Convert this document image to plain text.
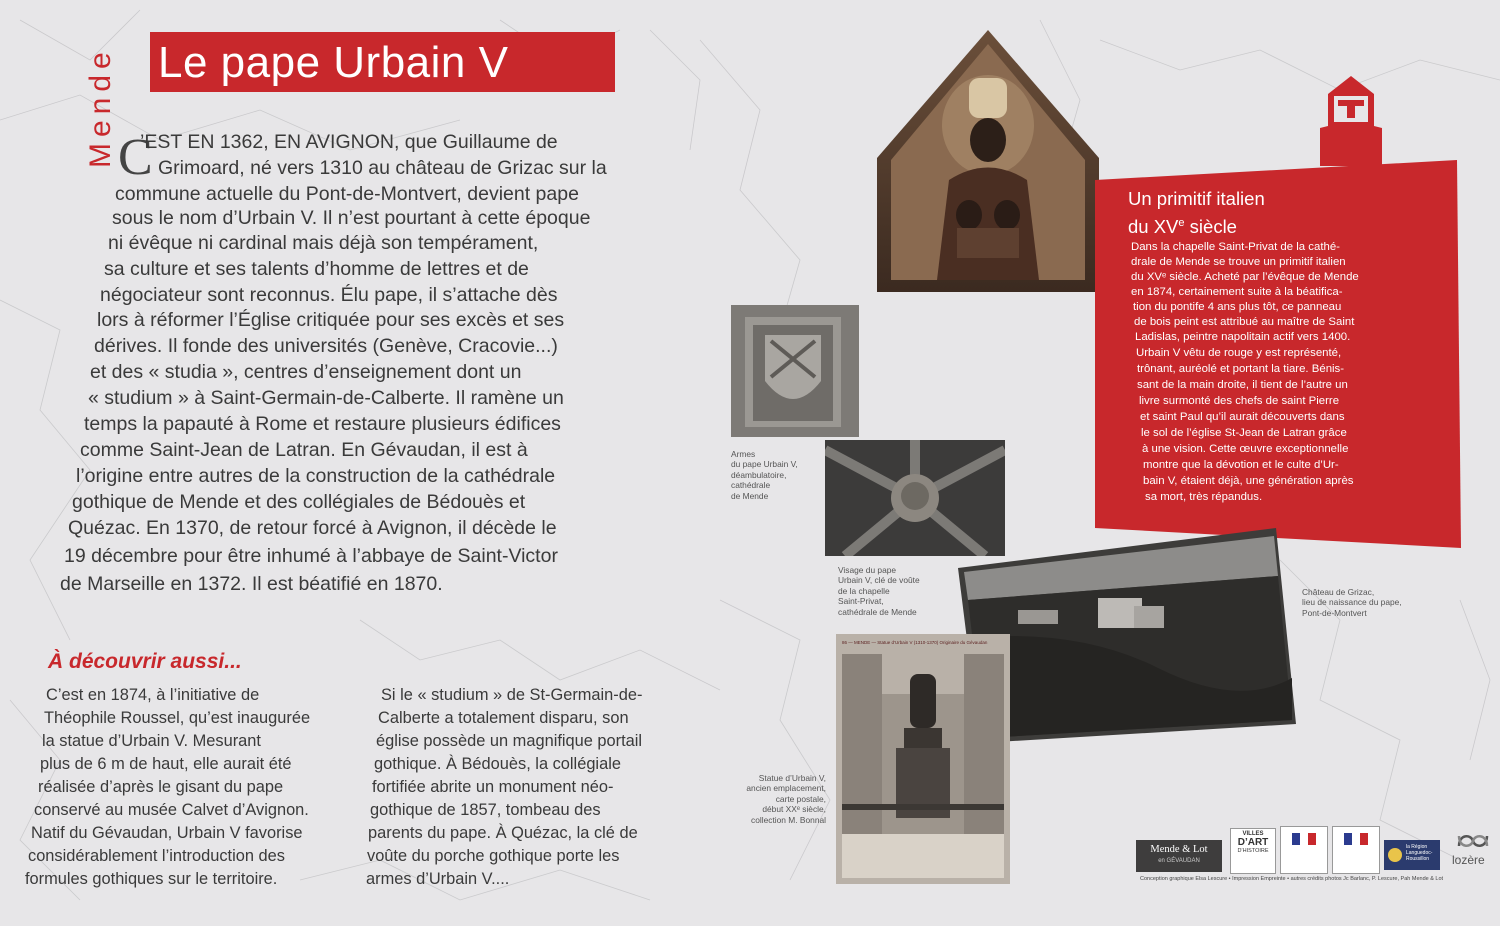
Mende Le pape Urbain V
C

’EST EN 1362, EN AVIGNON, que Guillaume de

Grimoard, né vers 1310 au château de Grizac sur la

commune actuelle du Pont-de-Montvert, devient pape

sous le nom d’Urbain V. Il n’est pourtant à cette époque

ni évêque ni cardinal mais déjà son tempérament,

sa culture et ses talents d’homme de lettres et de

négociateur sont reconnus. Élu pape, il s’attache dès

lors à réformer l’Église critiquée pour ses excès et ses

dérives. Il fonde des universités (Genève, Cracovie...)

et des « studia », centres d’enseignement dont un

« studium » à Saint-Germain-de-Calberte. Il ramène un

temps la papauté à Rome et restaure plusieurs édifices

comme Saint-Jean de Latran. En Gévaudan, il est à

l’origine entre autres de la construction de la cathédrale

gothique de Mende et des collégiales de Bédouès et

Quézac. En 1370, de retour forcé à Avignon, il décède le

19 décembre pour être inhumé à l’abbaye de Saint-Victor

de Marseille en 1372. Il est béatifié en 1870.

À découvrir aussi...

C’est en 1874, à l’initiative de

Théophile Roussel, qu’est inaugurée

la statue d’Urbain V. Mesurant

plus de 6 m de haut, elle aurait été

réalisée d’après le gisant du pape

conservé au musée Calvet d’Avignon.

Natif du Gévaudan, Urbain V favorise

considérablement l’introduction des

formules gothiques sur le territoire.

Si le « studium » de St-Germain-de-

Calberte a totalement disparu, son

église possède un magnifique portail

gothique. À Bédouès, la collégiale

fortifiée abrite un monument néo-

gothique de 1857, tombeau des

parents du pape. À Quézac, la clé de

voûte du porche gothique porte les

armes d’Urbain V....

Un primitif italien
du XVe siècle

Dans la chapelle Saint-Privat de la cathé-

drale de Mende se trouve un primitif italien

du XVᵉ siècle. Acheté par l’évêque de Mende

en 1874, certainement suite à la béatifica-

tion du pontife 4 ans plus tôt, ce panneau

de bois peint est attribué au maître de Saint

Ladislas, peintre napolitain actif vers 1400.

Urbain V vêtu de rouge y est représenté,

trônant, auréolé et portant la tiare. Bénis-

sant de la main droite, il tient de l’autre un

livre surmonté des chefs de saint Pierre

et saint Paul qu’il aurait découverts dans

le sol de l’église St-Jean de Latran grâce

à une vision. Cette œuvre exceptionnelle

montre que la dévotion et le culte d’Ur-

bain V, étaient déjà, une génération après

sa mort, très répandus.

86 — MENDE — Statue d’Urbain V (1310-1370) Originaire du Gévaudan
Armes
du pape Urbain V,
déambulatoire,
cathédrale
de Mende
Visage du pape
Urbain V, clé de voûte
de la chapelle
Saint-Privat,
cathédrale de Mende
Château de Grizac,
lieu de naissance du pape,
Pont-de-Montvert
Statue d’Urbain V,
ancien emplacement,
carte postale,
début XXᵉ siècle,
collection M. Bonnal
Mende & Lot
en GÉVAUDAN
VILLES
D’ART
D’HISTOIRE
la Région Languedoc-Roussillon	lozère
Conception graphique Elsa Lescure • Impression Empreinte • autres crédits photos Jc Barlanc, P. Lescure, Pah Mende & Lot
